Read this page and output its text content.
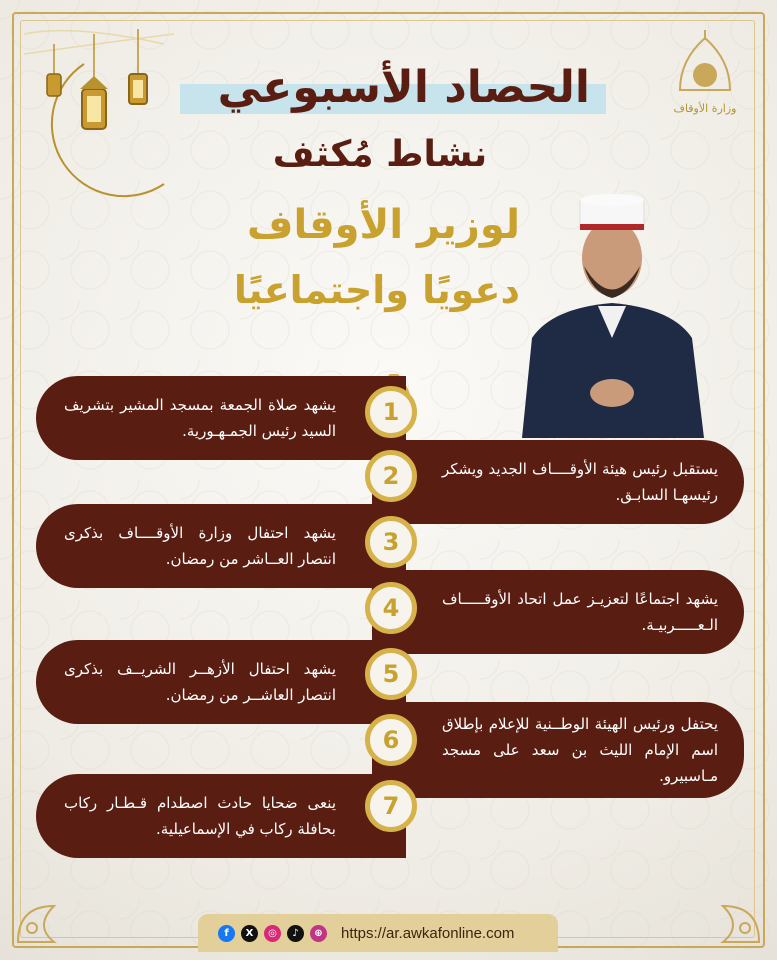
وزارة الأوقاف
الحصاد الأسبوعي
نشاط مُكثف
لوزير الأوقاف
دعويًا واجتماعيًا
يشهد صلاة الجمعة بمسجد المشير بتشريف السيد رئيس الجمـهـورية.
يستقبل رئيس هيئة الأوقــــاف الجديد ويشكر رئيسهـا السابـق.
يشهد احتفال وزارة الأوقــــاف بذكرى انتصار العــاشر من رمضان.
يشهد اجتماعًا لتعزيـز عمل اتحاد الأوقـــــاف الـعـــــربيـة.
يشهد احتفال الأزهــر الشريــف بذكرى انتصار العاشــر من رمضان.
يحتفل ورئيس الهيئة الوطــنية للإعلام بإطلاق اسم الإمام الليث بن سعد على مسجد مـاسبيرو.
ينعى ضحايا حادث اصطدام قـطـار ركاب بحافلة ركاب في الإسماعيلية.
1
2
3
4
5
6
7
f	X	◎	♪	⊕ https://ar.awkafonline.com
